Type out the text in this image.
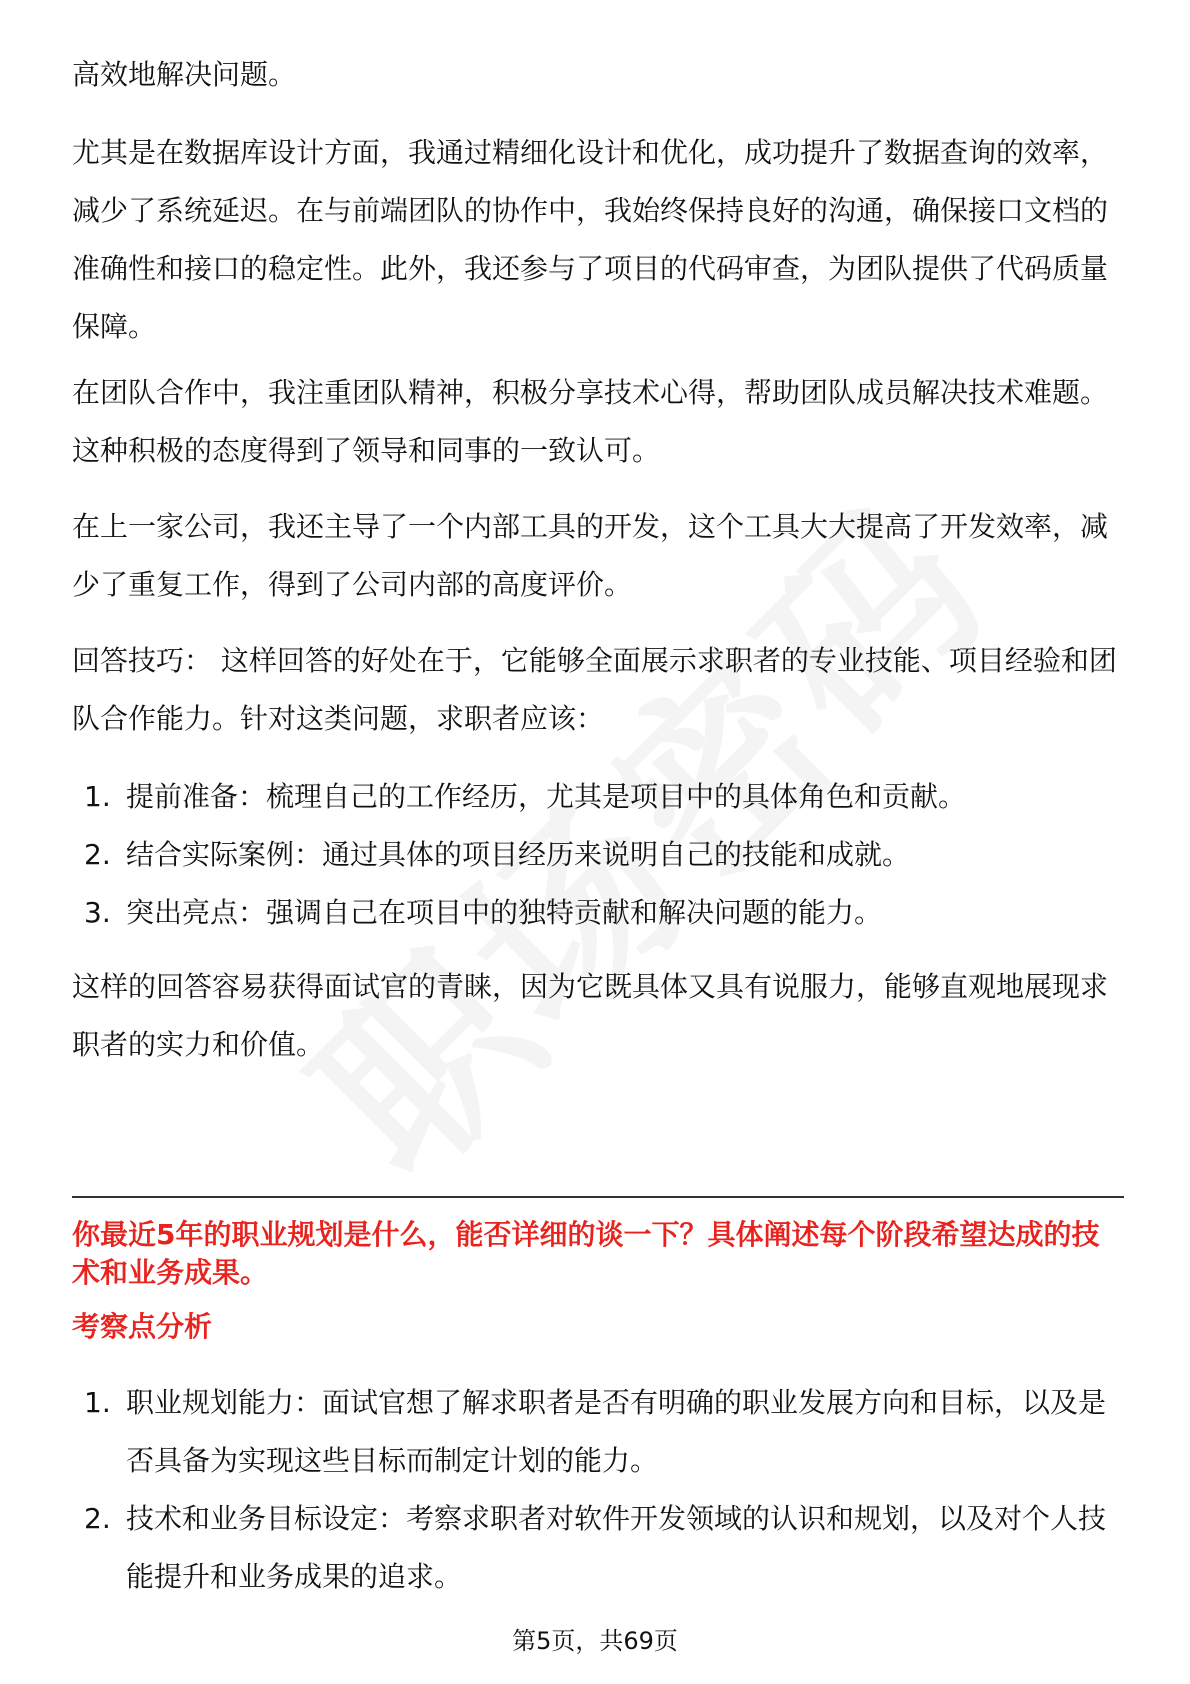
高效地解决问题。

尤其是在数据库设计方面，我通过精细化设计和优化，成功提升了数据查询的效率，减少了系统延迟。在与前端团队的协作中，我始终保持良好的沟通，确保接口文档的准确性和接口的稳定性。此外，我还参与了项目的代码审查，为团队提供了代码质量保障。

在团队合作中，我注重团队精神，积极分享技术心得，帮助团队成员解决技术难题。这种积极的态度得到了领导和同事的一致认可。

在上一家公司，我还主导了一个内部工具的开发，这个工具大大提高了开发效率，减少了重复工作，得到了公司内部的高度评价。

回答技巧： 这样回答的好处在于，它能够全面展示求职者的专业技能、项目经验和团队合作能力。针对这类问题，求职者应该：

1. 提前准备：梳理自己的工作经历，尤其是项目中的具体角色和贡献。
2. 结合实际案例：通过具体的项目经历来说明自己的技能和成就。
3. 突出亮点：强调自己在项目中的独特贡献和解决问题的能力。

这样的回答容易获得面试官的青睐，因为它既具体又具有说服力，能够直观地展现求职者的实力和价值。

你最近5年的职业规划是什么，能否详细的谈一下？具体阐述每个阶段希望达成的技术和业务成果。
考察点分析
1. 职业规划能力：面试官想了解求职者是否有明确的职业发展方向和目标，以及是否具备为实现这些目标而制定计划的能力。
2. 技术和业务目标设定：考察求职者对软件开发领域的认识和规划，以及对个人技能提升和业务成果的追求。
第5页，共69页
